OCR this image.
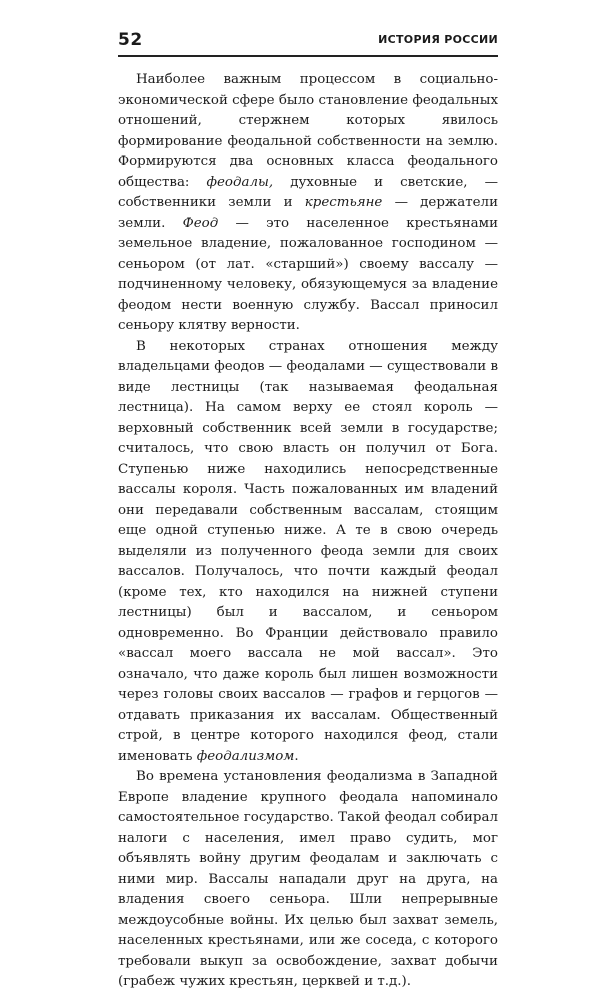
52	ИСТОРИЯ РОССИИ

Наиболее важным процессом в социально-экономической сфере было становление феодальных отношений, стержнем которых явилось формирование феодальной собственности на землю. Формируются два основных класса феодального общества: феодалы, духовные и светские, — собственники земли и крестьяне — держатели земли. Феод — это населенное крестьянами земельное владение, пожалованное господином — сеньором (от лат. «старший») своему вассалу — подчиненному человеку, обязующемуся за владение феодом нести военную службу. Вассал приносил сеньору клятву верности.

В некоторых странах отношения между владельцами феодов — феодалами — существовали в виде лестницы (так называемая феодальная лестница). На самом верху ее стоял король — верховный собственник всей земли в государстве; считалось, что свою власть он получил от Бога. Ступенью ниже находились непосредственные вассалы короля. Часть пожалованных им владений они передавали собственным вассалам, стоящим еще одной ступенью ниже. А те в свою очередь выделяли из полученного феода земли для своих вассалов. Получалось, что почти каждый феодал (кроме тех, кто находился на нижней ступени лестницы) был и вассалом, и сеньором одновременно. Во Франции действовало правило «вассал моего вассала не мой вассал». Это означало, что даже король был лишен возможности через головы своих вассалов — графов и герцогов — отдавать приказания их вассалам. Общественный строй, в центре которого находился феод, стали именовать феодализмом.

Во времена установления феодализма в Западной Европе владение крупного феодала напоминало самостоятельное государство. Такой феодал собирал налоги с населения, имел право судить, мог объявлять войну другим феодалам и заключать с ними мир. Вассалы нападали друг на друга, на владения своего сеньора. Шли непрерывные междоусобные войны. Их целью был захват земель, населенных крестьянами, или же соседа, с которого требовали выкуп за освобождение, захват добычи (грабеж чужих крестьян, церквей и т.д.).
